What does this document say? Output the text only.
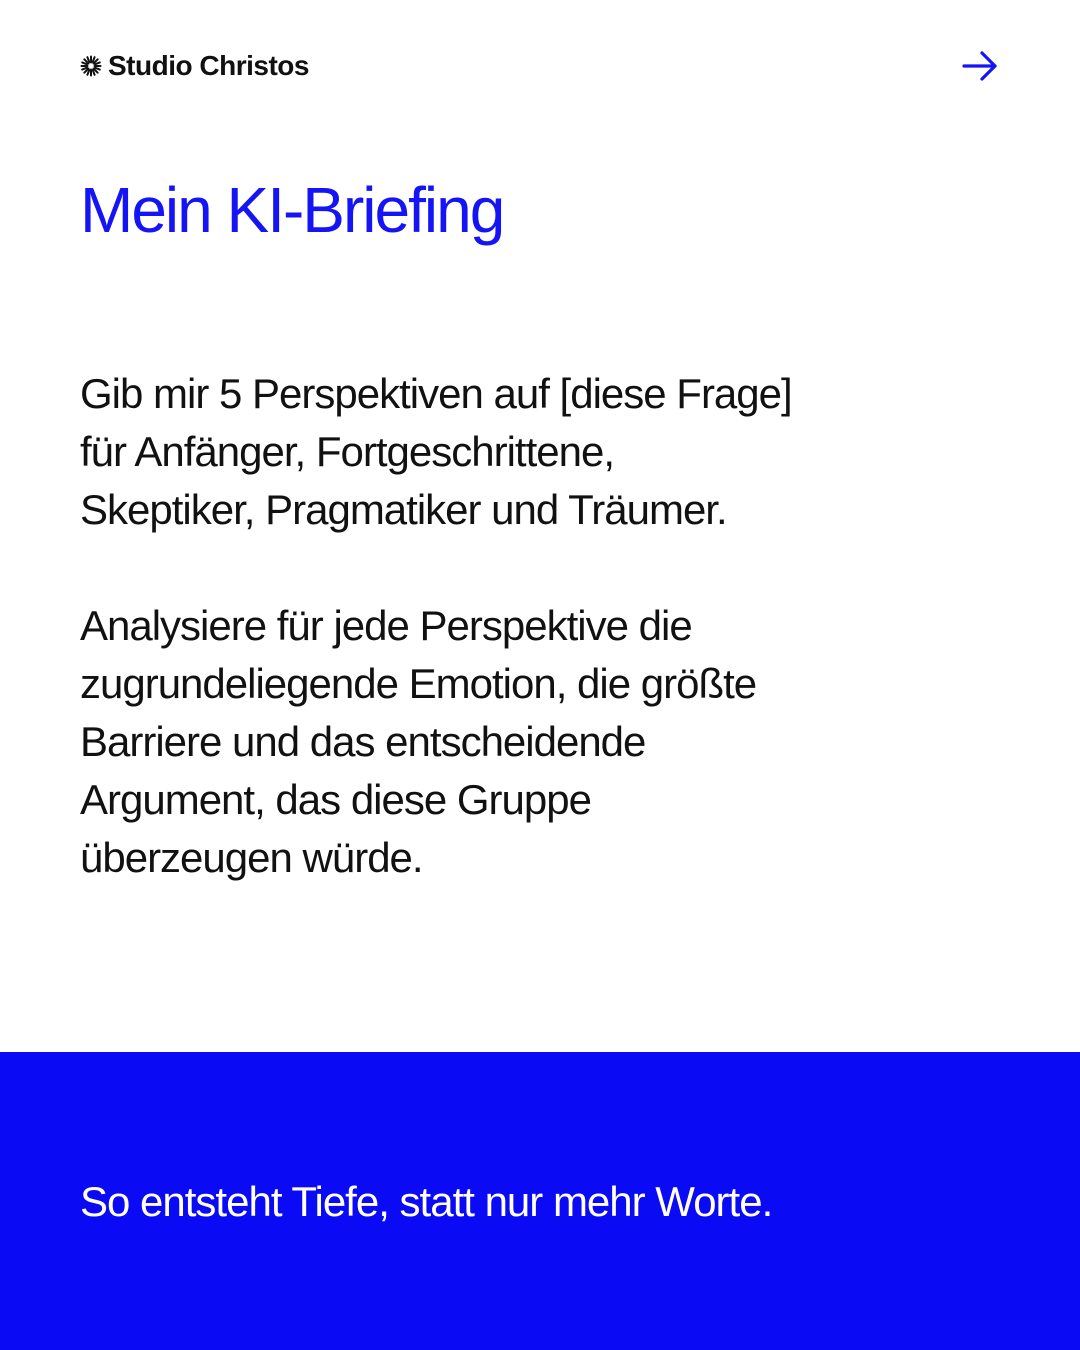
Studio Christos
Mein KI-Briefing

Gib mir 5 Perspektiven auf [diese Frage]
für Anfänger, Fortgeschrittene,
Skeptiker, Pragmatiker und Träumer.

Analysiere für jede Perspektive die
zugrundeliegende Emotion, die größte
Barriere und das entscheidende
Argument, das diese Gruppe
überzeugen würde.

So entsteht Tiefe, statt nur mehr Worte.
